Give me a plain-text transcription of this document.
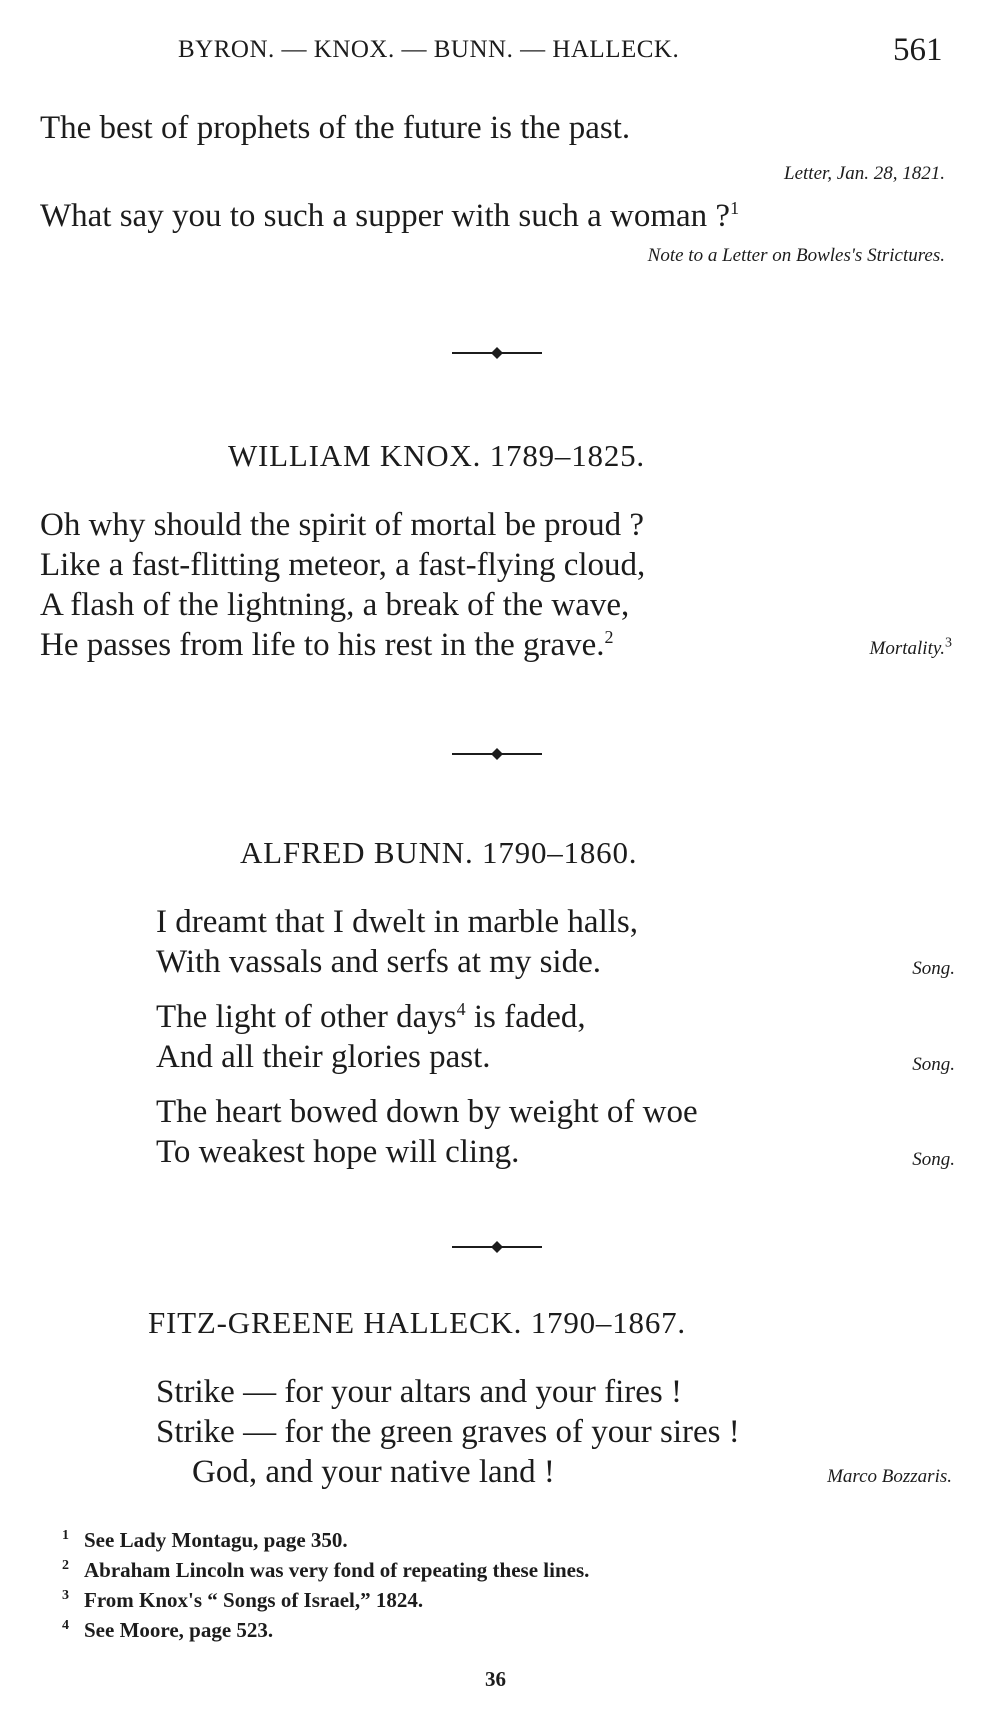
BYRON. — KNOX. — BUNN. — HALLECK.	561
The best of prophets of the future is the past.
Letter, Jan. 28, 1821.
What say you to such a supper with such a woman ?$^1$
Note to a Letter on Bowles's Strictures.
WILLIAM KNOX. 1789–1825.
Oh why should the spirit of mortal be proud ?
Like a fast-flitting meteor, a fast-flying cloud,
A flash of the lightning, a break of the wave,
He passes from life to his rest in the grave.$^2$
Mortality.$^3$
ALFRED BUNN. 1790–1860.
I dreamt that I dwelt in marble halls,
With vassals and serfs at my side.	Song.
The light of other days$^4$ is faded,
And all their glories past.	Song.
The heart bowed down by weight of woe
To weakest hope will cling.	Song.
FITZ-GREENE HALLECK. 1790–1867.
Strike — for your altars and your fires !
Strike — for the green graves of your sires !
God, and your native land !	Marco Bozzaris.
1 See Lady Montagu, page 350.
2 Abraham Lincoln was very fond of repeating these lines.
3 From Knox's “ Songs of Israel,” 1824.
4 See Moore, page 523.
36
